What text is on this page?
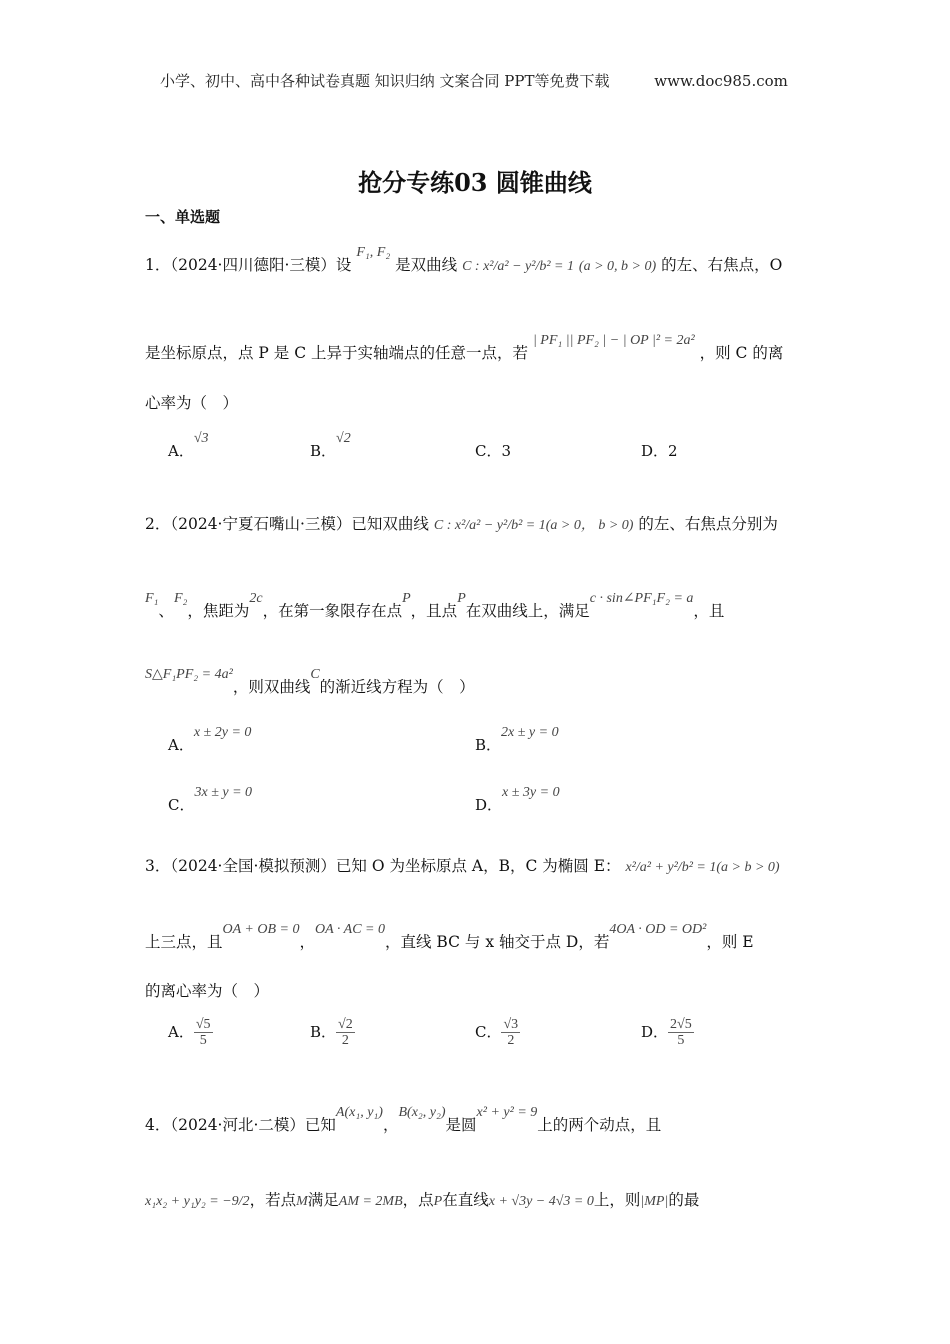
小学、初中、高中各种试卷真题 知识归纳 文案合同 PPT等免费下载	www.doc985.com
抢分专练03 圆锥曲线
一、单选题
1．（2024·四川德阳·三模）设 F₁, F₂ 是双曲线 C : x²/a² − y²/b² = 1 (a > 0, b > 0) 的左、右焦点，O
是坐标原点，点 P 是 C 上异于实轴端点的任意一点，若 | PF₁ || PF₂ | − | OP |² = 2a² ，则 C 的离
心率为（　）
A．√3
B．√2
C．3	D．2
2．（2024·宁夏石嘴山·三模）已知双曲线 C : x²/a² − y²/b² = 1(a > 0， b > 0) 的左、右焦点分别为
F₁、F₂，焦距为2c，在第一象限存在点P，且点P在双曲线上，满足c · sin∠PF₁F₂ = a，且
S△F₁PF₂ = 4a²，则双曲线C的渐近线方程为（　）
A．x ± 2y = 0
B．2x ± y = 0
C．3x ± y = 0
D．x ± 3y = 0
3．（2024·全国·模拟预测）已知 O 为坐标原点 A，B，C 为椭圆 E： x²/a² + y²/b² = 1(a > b > 0)
上三点，且OA + OB = 0，OA · AC = 0，直线 BC 与 x 轴交于点 D，若4OA · OD = OD²，则 E
的离心率为（　）
A． $\frac{√5}{5}$	B． $\frac{√2}{2}$	C． $\frac{√3}{2}$	D． $\frac{2√5}{5}$
4．（2024·河北·二模）已知A(x₁, y₁)，B(x₂, y₂)是圆x² + y² = 9上的两个动点，且
x₁x₂ + y₁y₂ = −9/2，若点M满足AM = 2MB，点P在直线x + √3y − 4√3 = 0上，则|MP|的最
